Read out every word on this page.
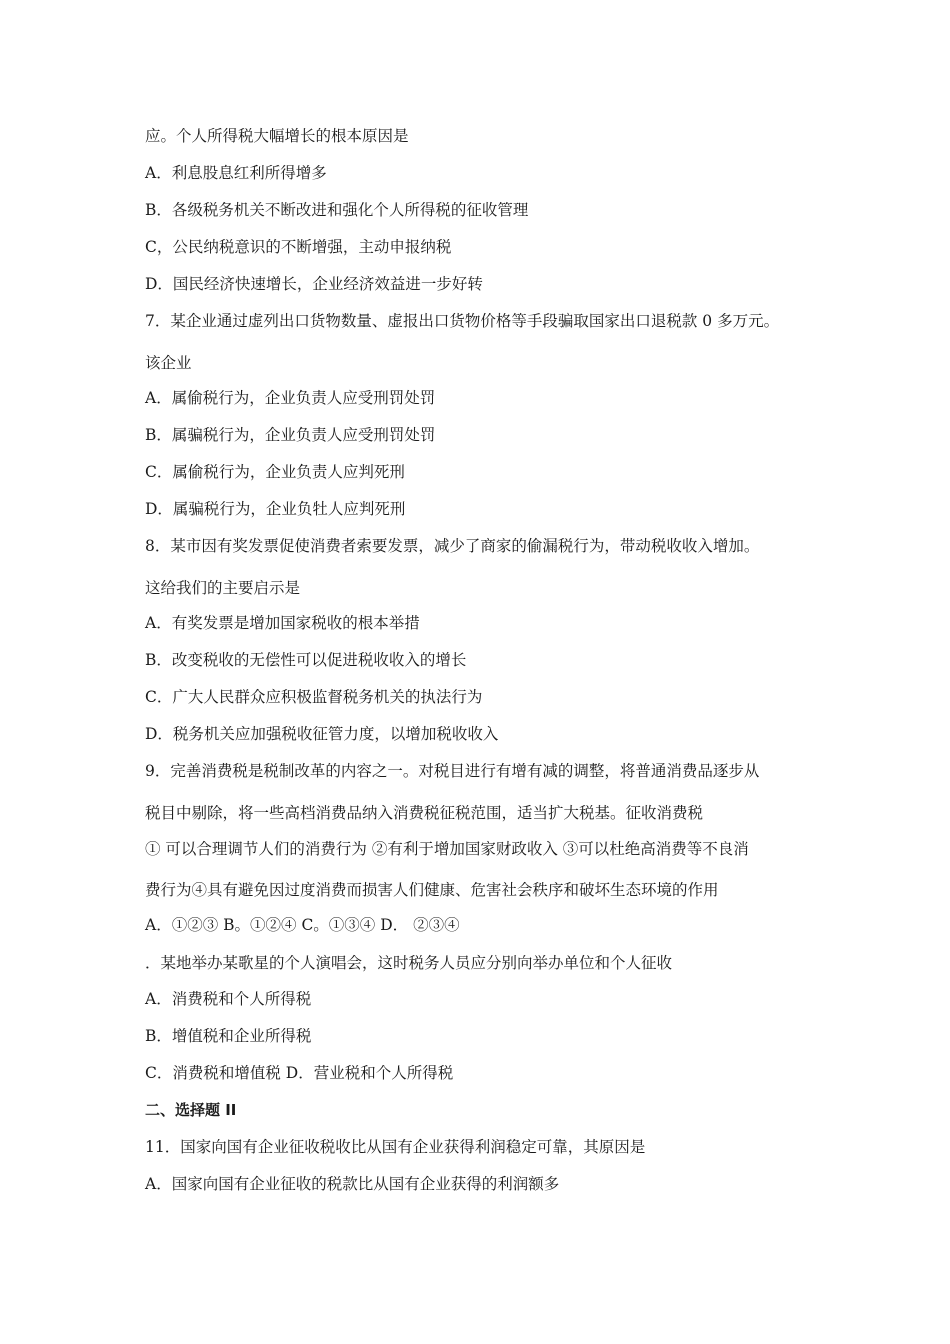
应。个人所得税大幅增长的根本原因是
A．利息股息红利所得增多
B．各级税务机关不断改进和强化个人所得税的征收管理
C，公民纳税意识的不断增强，主动申报纳税
D．国民经济快速增长，企业经济效益进一步好转
7．某企业通过虚列出口货物数量、虚报出口货物价格等手段骗取国家出口退税款 0 多万元。
该企业
A．属偷税行为，企业负责人应受刑罚处罚
B．属骗税行为，企业负责人应受刑罚处罚
C．属偷税行为，企业负责人应判死刑
D．属骗税行为，企业负牡人应判死刑
8．某市因有奖发票促使消费者索要发票，减少了商家的偷漏税行为，带动税收收入增加。
这给我们的主要启示是
A．有奖发票是增加国家税收的根本举措
B．改变税收的无偿性可以促进税收收入的增长
C．广大人民群众应积极监督税务机关的执法行为
D．税务机关应加强税收征管力度，以增加税收收入
9．完善消费税是税制改革的内容之一。对税目进行有增有减的调整，将普通消费品逐步从
税目中剔除，将一些高档消费品纳入消费税征税范围，适当扩大税基。征收消费税
① 可以合理调节人们的消费行为 ②有利于增加国家财政收入 ③可以杜绝高消费等不良消
费行为④具有避免因过度消费而损害人们健康、危害社会秩序和破坏生态环境的作用
A．①②③ B。①②④ C。①③④ D． ②③④
．某地举办某歌星的个人演唱会，这时税务人员应分别向举办单位和个人征收
A．消费税和个人所得税
B．增值税和企业所得税
C．消费税和增值税 D．营业税和个人所得税
二、选择题 II
11．国家向国有企业征收税收比从国有企业获得利润稳定可靠，其原因是
A．国家向国有企业征收的税款比从国有企业获得的利润额多
